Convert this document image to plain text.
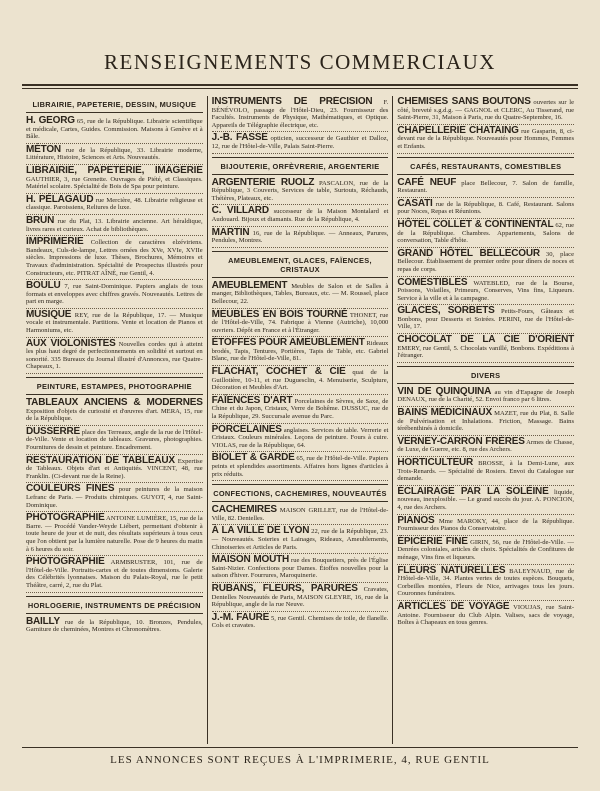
RENSEIGNEMENTS COMMERCIAUX
LIBRAIRIE, PAPETERIE, DESSIN, MUSIQUE
H. GEORG 65, rue de la République. Librairie scientifique et médicale, Cartes, Guides. Commission. Maisons à Genève et à Bâle.
MÉTON rue de la République, 33. Librairie moderne, Littérature, Histoire, Sciences et Arts. Nouveautés.
LIBRAIRIE, PAPETERIE, IMAGERIE GAUTHIER, 3, rue Grenette. Ouvrages de Piété, et Classiques. Matériel scolaire. Spécialité de Bois de Spa pour peinture.
H. PÉLAGAUD rue Mercière, 48. Librairie religieuse et classique. Paroissiens, Reliures de luxe.
BRUN rue du Plat, 13. Librairie ancienne. Art héraldique, livres rares et curieux. Achat de bibliothèques.
IMPRIMERIE Collection de caractères elzéviriens. Bandeaux, Culs-de-lampe, Lettres ornées des XVe, XVIe, XVIIe siècles. Impressions de luxe. Thèses, Brochures, Mémoires et Travaux d'administration. Spécialité de Prospectus illustrés pour Constructeurs, etc. PITRAT AÎNÉ, rue Gentil, 4.
BOULU 7, rue Saint-Dominique. Papiers anglais de tous formats et enveloppes avec chiffres gravés. Nouveautés. Lettres de part en marge.
MUSIQUE REY, rue de la République, 17. — Musique vocale et instrumentale. Partitions. Vente et location de Pianos et Harmoniums, etc.
AUX VIOLONISTES Nouvelles cordes qui à atteint les plus haut degré de perfectionnements en solidité et surtout en sonorité. 335 Bureaux du Journal illustré d'Annonces, rue Quatre-Chapeaux, 1.
PEINTURE, ESTAMPES, PHOTOGRAPHIE
TABLEAUX ANCIENS & MODERNES Exposition d'objets de curiosité et d'œuvres d'art. MERA, 15, rue de la République.
DUSSERRE place des Terreaux, angle de la rue de l'Hôtel-de-Ville. Vente et location de tableaux. Gravures, photographies. Fournitures de dessin et peinture. Encadrement.
RESTAURATION DE TABLEAUX Expertise de Tableaux. Objets d'art et Antiquités. VINCENT, 48, rue Franklin. (Ci-devant rue de la Reine).
COULEURS FINES pour peintures de la maison Lefranc de Paris. — Produits chimiques. GUYOT, 4, rue Saint-Dominique.
PHOTOGRAPHIE ANTOINE LUMIÈRE, 15, rue de la Barre. — Procédé Vander-Weyde Liébert, permettant d'obtenir à toute heure de jour et de nuit, des résultats supérieurs à tous ceux que l'on obtient par la lumière naturelle. Pose de 9 heures du matin à 6 heures du soir.
PHOTOGRAPHIE ARMBRUSTER, 101, rue de l'Hôtel-de-Ville. Portraits-cartes et de toutes dimensions. Galerie des Célébrités lyonnaises. Maison du Palais-Royal, rue le petit Théâtre, carré, 2, rue du Plat.
HORLOGERIE, INSTRUMENTS DE PRÉCISION
BAILLY rue de la République, 10. Bronzes, Pendules, Garniture de cheminées, Montres et Chronomètres.
INSTRUMENTS DE PRÉCISION F. BÉNÉVOLO, passage de l'Hôtel-Dieu, 23. Fournisseur des Facultés. Instruments de Physique, Mathématiques, et Optique. Appareils de Télégraphie électrique, etc.
J.-B. FASSE opticien, successeur de Gauthier et Dalloz, 12, rue de l'Hôtel-de-Ville, Palais Saint-Pierre.
BIJOUTERIE, ORFÈVRERIE, ARGENTERIE
ARGENTERIE RUOLZ PASCALON, rue de la République, 3 Couverts, Services de table, Surtouts, Réchauds, Théières, Plateaux, etc.
C. VILLARD successeur de la Maison Montalard et Audouard. Bijoux et diamants. Rue de la République, 4.
MARTIN 16, rue de la République. — Anneaux, Parures, Pendules, Montres.
AMEUBLEMENT, GLACES, FAÏENCES, CRISTAUX
AMEUBLEMENT Meubles de Salon et de Salles à manger, Bibliothèques, Tables, Bureaux, etc. — M. Roussel, place Bellecour, 22.
MEUBLES EN BOIS TOURNÉ THONET, rue de l'Hôtel-de-Ville, 74. Fabrique à Vienne (Autriche), 10,000 ouvriers. Dépôt en France et à l'Étranger.
ÉTOFFES POUR AMEUBLEMENT Rideaux brodés, Tapis, Tentures, Portières, Tapis de Table, etc. Gabriel Blanc, rue de l'Hôtel-de-Ville, 81.
FLACHAT, COCHET & CIE quai de la Guillotière, 10-11, et rue Duguesclin, 4. Menuiserie, Sculpture, Décoration et Meubles d'Art.
FAÏENCES D'ART Porcelaines de Sèvres, de Saxe, de Chine et du Japon, Cristaux, Verre de Bohême. DUSSUC, rue de la République, 29. Succursale avenue du Parc.
PORCELAINES anglaises. Services de table. Verrerie et Cristaux. Couleurs minérales. Leçons de peinture. Fours à cuire. VIOLAS, rue de la République, 64.
BIOLET & GARDE 65, rue de l'Hôtel-de-Ville. Papiers peints et splendides assortiments. Affaires hors lignes d'articles à prix réduits.
CONFECTIONS, CACHEMIRES, NOUVEAUTÉS
CACHEMIRES MAISON GRILLET, rue de l'Hôtel-de-Ville, 82. Dentelles.
À LA VILLE DE LYON 22, rue de la République, 23. — Nouveautés. Soieries et Lainages, Rideaux, Ameublements, Chinoiseries et Articles de Paris.
MAISON MOUTH rue des Bouquetiers, près de l'Église Saint-Nizier. Confections pour Dames. Étoffes nouvelles pour la saison d'hiver. Fourrures, Maroquinerie.
RUBANS, FLEURS, PARURES Cravates, Dentelles Nouveautés de Paris, MAISON GLEYRE, 16, rue de la République, angle de la rue Neuve.
J.-M. FAURE 5, rue Gentil. Chemises de toile, de flanelle. Cols et cravates.
CHEMISES SANS BOUTONS ouvertes sur le côté, breveté s.g.d.g. — GAGNOL et CLERC, Au Tisserand, rue Saint-Pierre, 31, Maison à Paris, rue du Quatre-Septembre, 16.
CHAPELLERIE CHATAING rue Gasparin, 8, ci-devant rue de la République. Nouveautés pour Hommes, Femmes et Enfants.
CAFÉS, RESTAURANTS, COMESTIBLES
CAFÉ NEUF place Bellecour, 7. Salon de famille, Restaurant.
CASATI rue de la République, 8. Café, Restaurant. Salons pour Noces, Repas et Réunions.
HÔTEL COLLET & CONTINENTAL 62, rue de la République. Chambres. Appartements, Salons de conversation, Table d'hôte.
GRAND HÔTEL BELLECOUR 30, place Bellecour. Établissement de premier ordre pour dîners de noces et repas de corps.
COMESTIBLES WATEBLED, rue de la Bourse, Poissons, Volailles, Primeurs, Conserves, Vins fins, Liqueurs. Service à la ville et à la campagne.
GLACES, SORBETS Petits-Fours, Gâteaux et Bonbons, pour Desserts et Soirées. PERINI, rue de l'Hôtel-de-Ville, 17.
CHOCOLAT DE LA CIE D'ORIENT EMERY, rue Gentil, 5. Chocolats vanillé, Bonbons. Expéditions à l'étranger.
DIVERS
VIN DE QUINQUINA au vin d'Espagne de Joseph DENAUX, rue de la Charité, 52. Envoi franco par 6 litres.
BAINS MÉDICINAUX MAZET, rue du Plat, 8. Salle de Pulvérisation et Inhalations. Friction, Massage. Bains térébenthinés à domicile.
VERNEY-CARRON FRÈRES Armes de Chasse, de Luxe, de Guerre, etc. 8, rue des Archers.
HORTICULTEUR BROSSE, à la Demi-Lune, aux Trois-Renards. — Spécialité de Rosiers. Envoi du Catalogue sur demande.
ÉCLAIRAGE PAR LA SOLÉINE liquide, nouveau, inexplosible. — Le grand succès du jour. A. PONCION, 4, rue des Archers.
PIANOS Mme MAROKY, 44, place de la République. Fournisseur des Pianos du Conservatoire.
ÉPICERIE FINE GIRIN, 56, rue de l'Hôtel-de-Ville. — Denrées coloniales, articles de choix. Spécialités de Confitures de ménage, Vins fins et liqueurs.
FLEURS NATURELLES BALEYNAUD, rue de l'Hôtel-de-Ville, 34. Plantes vertes de toutes espèces. Bouquets, Corbeilles montées, Fleurs de Nice, arrivages tous les jours. Couronnes funéraires.
ARTICLES DE VOYAGE VIOUJAS, rue Saint-Antoine. Fournisseur du Club Alpin. Valises, sacs de voyage, Boîtes à Chapeaux en tous genres.
LES ANNONCES SONT REÇUES À L'IMPRIMERIE, 4, RUE GENTIL
